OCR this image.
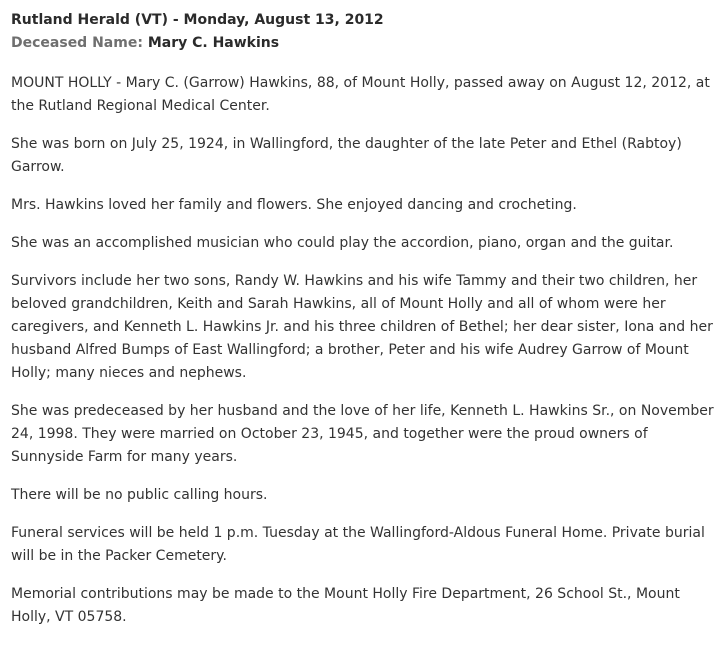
Rutland Herald (VT) - Monday, August 13, 2012
Deceased Name: Mary C. Hawkins

MOUNT HOLLY - Mary C. (Garrow) Hawkins, 88, of Mount Holly, passed away on August 12, 2012, at the Rutland Regional Medical Center.

She was born on July 25, 1924, in Wallingford, the daughter of the late Peter and Ethel (Rabtoy) Garrow.

Mrs. Hawkins loved her family and flowers. She enjoyed dancing and crocheting.

She was an accomplished musician who could play the accordion, piano, organ and the guitar.

Survivors include her two sons, Randy W. Hawkins and his wife Tammy and their two children, her beloved grandchildren, Keith and Sarah Hawkins, all of Mount Holly and all of whom were her caregivers, and Kenneth L. Hawkins Jr. and his three children of Bethel; her dear sister, Iona and her husband Alfred Bumps of East Wallingford; a brother, Peter and his wife Audrey Garrow of Mount Holly; many nieces and nephews.

She was predeceased by her husband and the love of her life, Kenneth L. Hawkins Sr., on November 24, 1998. They were married on October 23, 1945, and together were the proud owners of Sunnyside Farm for many years.

There will be no public calling hours.

Funeral services will be held 1 p.m. Tuesday at the Wallingford-Aldous Funeral Home. Private burial will be in the Packer Cemetery.

Memorial contributions may be made to the Mount Holly Fire Department, 26 School St., Mount Holly, VT 05758.
